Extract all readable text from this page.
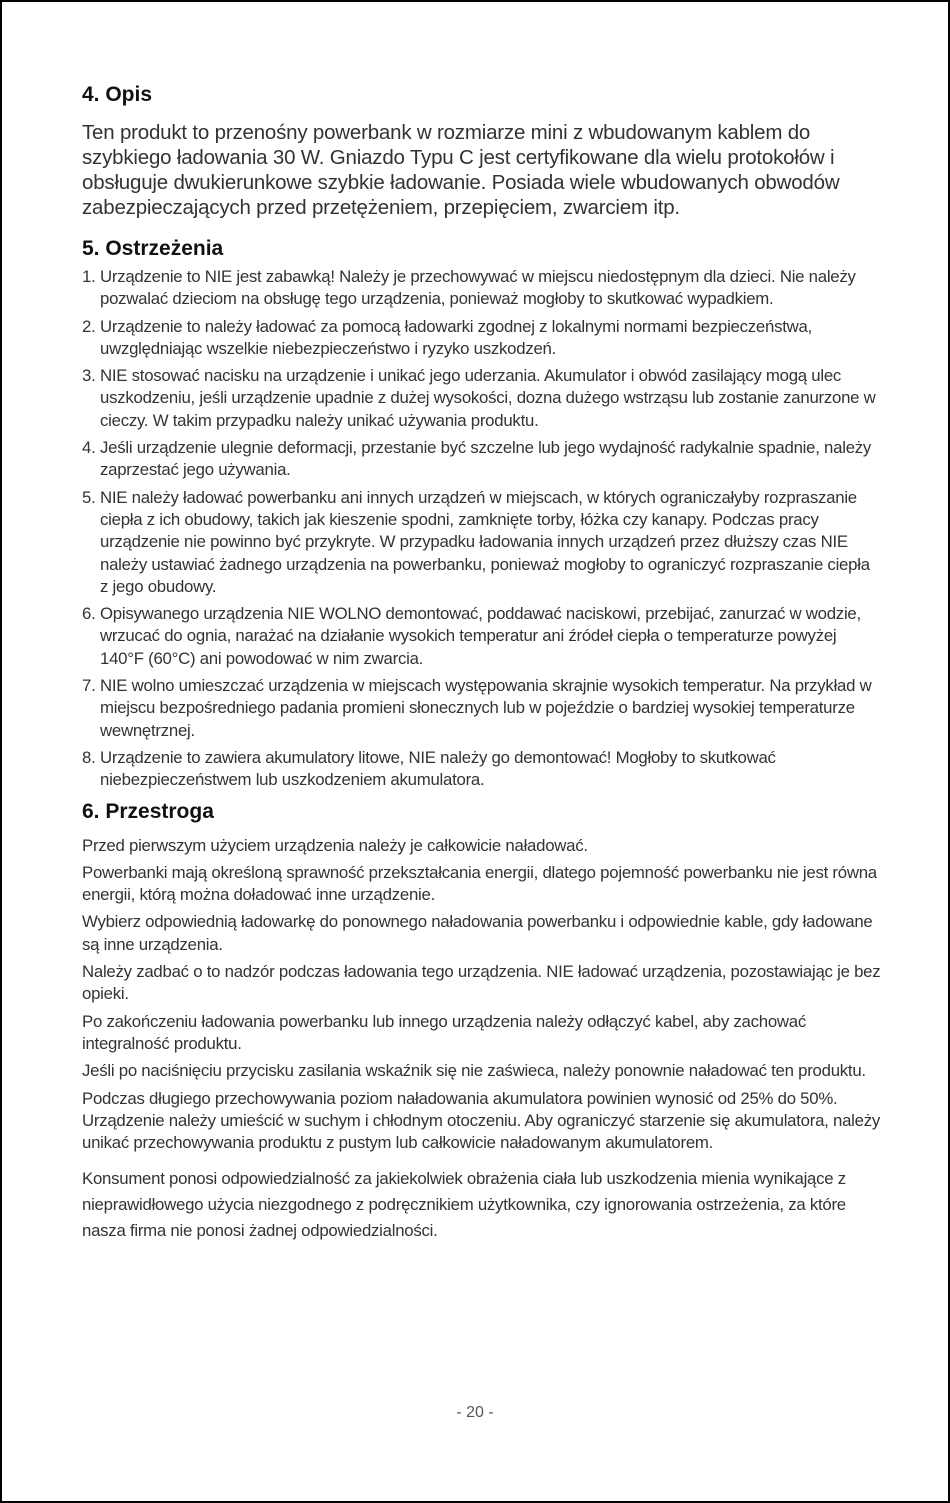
4. Opis

Ten produkt to przenośny powerbank w rozmiarze mini z wbudowanym kablem do szybkiego ładowania 30 W. Gniazdo Typu C jest certyfikowane dla wielu protokołów i obsługuje dwukierunkowe szybkie ładowanie. Posiada wiele wbudowanych obwodów zabezpieczających przed przetężeniem, przepięciem, zwarciem itp.

5. Ostrzeżenia
1. Urządzenie to NIE jest zabawką! Należy je przechowywać w miejscu niedostępnym dla dzieci. Nie należy pozwalać dzieciom na obsługę tego urządzenia, ponieważ mogłoby to skutkować wypadkiem.
2. Urządzenie to należy ładować za pomocą ładowarki zgodnej z lokalnymi normami bezpieczeństwa, uwzględniając wszelkie niebezpieczeństwo i ryzyko uszkodzeń.
3. NIE stosować nacisku na urządzenie i unikać jego uderzania. Akumulator i obwód zasilający mogą ulec uszkodzeniu, jeśli urządzenie upadnie z dużej wysokości, dozna dużego wstrząsu lub zostanie zanurzone w cieczy. W takim przypadku należy unikać używania produktu.
4. Jeśli urządzenie ulegnie deformacji, przestanie być szczelne lub jego wydajność radykalnie spadnie, należy zaprzestać jego używania.
5. NIE należy ładować powerbanku ani innych urządzeń w miejscach, w których ograniczałyby rozpraszanie ciepła z ich obudowy, takich jak kieszenie spodni, zamknięte torby, łóżka czy kanapy. Podczas pracy urządzenie nie powinno być przykryte. W przypadku ładowania innych urządzeń przez dłuższy czas NIE należy ustawiać żadnego urządzenia na powerbanku, ponieważ mogłoby to ograniczyć rozpraszanie ciepła z jego obudowy.
6. Opisywanego urządzenia NIE WOLNO demontować, poddawać naciskowi, przebijać, zanurzać w wodzie, wrzucać do ognia, narażać na działanie wysokich temperatur ani źródeł ciepła o temperaturze powyżej 140°F (60°C) ani powodować w nim zwarcia.
7. NIE wolno umieszczać urządzenia w miejscach występowania skrajnie wysokich temperatur. Na przykład w miejscu bezpośredniego padania promieni słonecznych lub w pojeździe o bardziej wysokiej temperaturze wewnętrznej.
8. Urządzenie to zawiera akumulatory litowe, NIE należy go demontować! Mogłoby to skutkować niebezpieczeństwem lub uszkodzeniem akumulatora.
6. Przestroga

Przed pierwszym użyciem urządzenia należy je całkowicie naładować.

Powerbanki mają określoną sprawność przekształcania energii, dlatego pojemność powerbanku nie jest równa energii, którą można doładować inne urządzenie.

Wybierz odpowiednią ładowarkę do ponownego naładowania powerbanku i odpowiednie kable, gdy ładowane są inne urządzenia.

Należy zadbać o to nadzór podczas ładowania tego urządzenia. NIE ładować urządzenia, pozostawiając je bez opieki.

Po zakończeniu ładowania powerbanku lub innego urządzenia należy odłączyć kabel, aby zachować integralność produktu.

Jeśli po naciśnięciu przycisku zasilania wskaźnik się nie zaświeca, należy ponownie naładować ten produktu.

Podczas długiego przechowywania poziom naładowania akumulatora powinien wynosić od 25% do 50%. Urządzenie należy umieścić w suchym i chłodnym otoczeniu. Aby ograniczyć starzenie się akumulatora, należy unikać przechowywania produktu z pustym lub całkowicie naładowanym akumulatorem.

Konsument ponosi odpowiedzialność za jakiekolwiek obrażenia ciała lub uszkodzenia mienia wynikające z nieprawidłowego użycia niezgodnego z podręcznikiem użytkownika, czy ignorowania ostrzeżenia, za które nasza firma nie ponosi żadnej odpowiedzialności.

- 20 -
